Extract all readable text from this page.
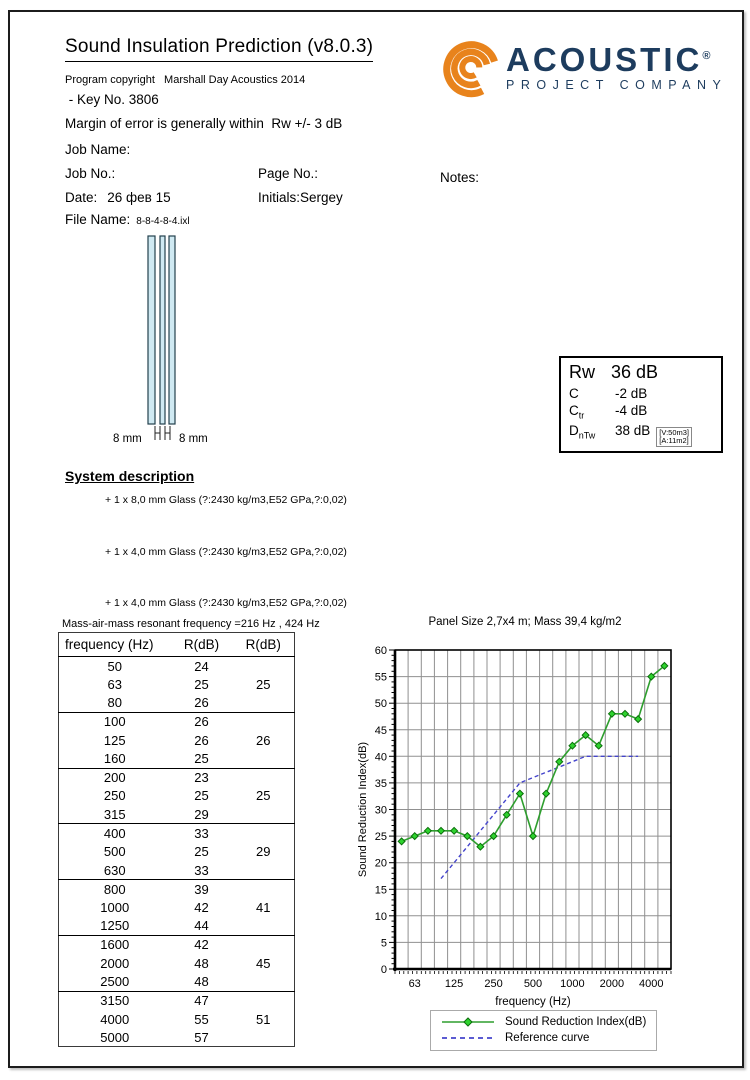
Sound Insulation Prediction (v8.0.3)	ACOUSTIC®
PROJECT COMPANY
Program copyright   Marshall Day Acoustics 2014
- Key No. 3806
Margin of error is generally within  Rw +/- 3 dB
Job Name:
Job No.:	Page No.:	Notes:
Date: 26 фев 15	Initials:Sergey
File Name: 8-8-4-8-4.ixl
8 mm	8 mm
Rw 36 dB
C	-2 dB
$C_{tr}$	-4 dB
$D_{nTw}$	38 dB	[V:50m3]
[A:11m2]
System description
+ 1 x 8,0 mm Glass (?:2430 kg/m3,E52 GPa,?:0,02)
+ 1 x 4,0 mm Glass (?:2430 kg/m3,E52 GPa,?:0,02)
+ 1 x 4,0 mm Glass (?:2430 kg/m3,E52 GPa,?:0,02)
Mass-air-mass resonant frequency =216 Hz , 424 Hz
frequency (Hz)	R(dB)	R(dB)
50	24	
63	25	25
80	26	
100	26	
125	26	26
160	25	
200	23	
250	25	25
315	29	
400	33	
500	25	29
630	33	
800	39	
1000	42	41
1250	44	
1600	42	
2000	48	45
2500	48	
3150	47	
4000	55	51
5000	57	
Panel Size 2,7x4 m; Mass 39,4 kg/m2
0
5
10
15
20
25
30
35
40
45
50
55
60
63 125 250 500 1000 2000 4000
frequency (Hz)
Sound Reduction Index(dB)
Sound Reduction Index(dB)
Reference curve
